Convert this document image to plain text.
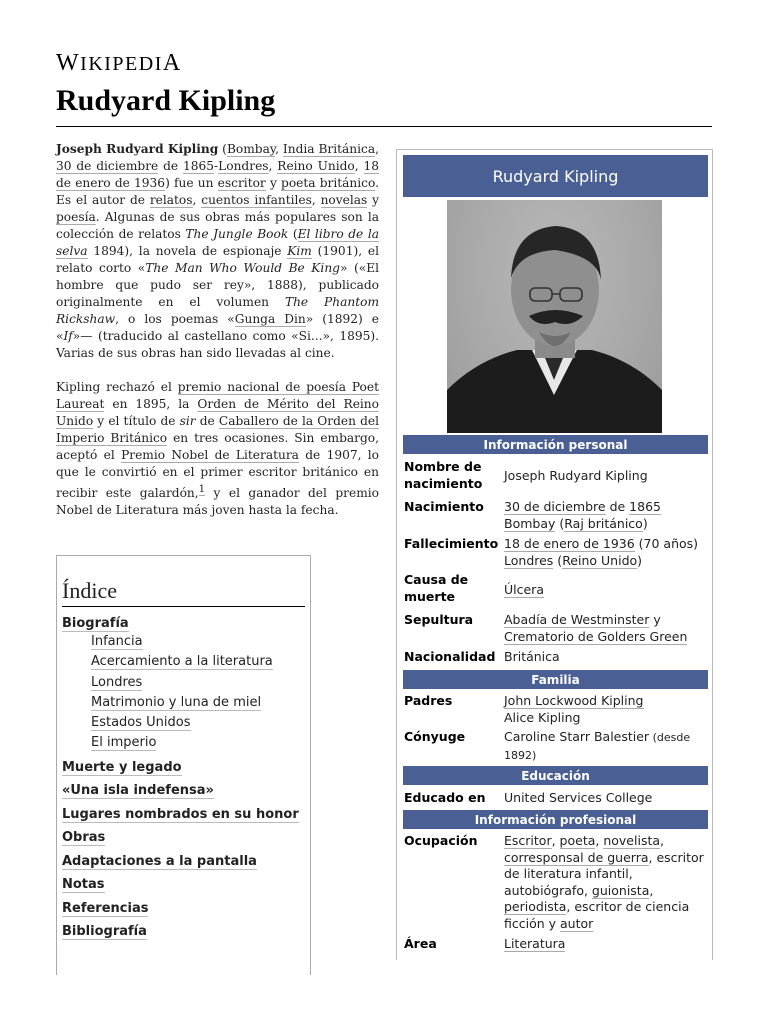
WIKIPEDIA
Rudyard Kipling

Joseph Rudyard Kipling (Bombay, India Británica, 30 de diciembre de 1865-Londres, Reino Unido, 18 de enero de 1936) fue un escritor y poeta británico. Es el autor de relatos, cuentos infantiles, novelas y poesía. Algunas de sus obras más populares son la colección de relatos The Jungle Book (El libro de la selva 1894), la novela de espionaje Kim (1901), el relato corto «The Man Who Would Be King» («El hombre que pudo ser rey», 1888), publicado originalmente en el volumen The Phantom Rickshaw, o los poemas «Gunga Din» (1892) e «If»— (traducido al castellano como «Si...», 1895). Varias de sus obras han sido llevadas al cine.

Kipling rechazó el premio nacional de poesía Poet Laureat en 1895, la Orden de Mérito del Reino Unido y el título de sir de Caballero de la Orden del Imperio Británico en tres ocasiones. Sin embargo, aceptó el Premio Nobel de Literatura de 1907, lo que le convirtió en el primer escritor británico en recibir este galardón,$^1$ y el ganador del premio Nobel de Literatura más joven hasta la fecha.

Índice
Biografía
Infancia
Acercamiento a la literatura
Londres
Matrimonio y luna de miel
Estados Unidos
El imperio
Muerte y legado
«Una isla indefensa»
Lugares nombrados en su honor
Obras
Adaptaciones a la pantalla
Notas
Referencias
Bibliografía
Rudyard Kipling
Información personal
Nombre de nacimiento	Joseph Rudyard Kipling
Nacimiento	30 de diciembre de 1865
Bombay (Raj británico)
Fallecimiento 18 de enero de 1936 (70 años)
Londres (Reino Unido)
Causa de muerte	Úlcera
Sepultura	Abadía de Westminster y
Crematorio de Golders Green
Nacionalidad Británica
Familia
Padres	John Lockwood Kipling
Alice Kipling
Cónyuge	Caroline Starr Balestier (desde 1892)
Educación
Educado en	United Services College
Información profesional
Ocupación	Escritor, poeta, novelista, corresponsal de guerra, escritor de literatura infantil, autobiógrafo, guionista, periodista, escritor de ciencia ficción y autor
Área	Literatura
